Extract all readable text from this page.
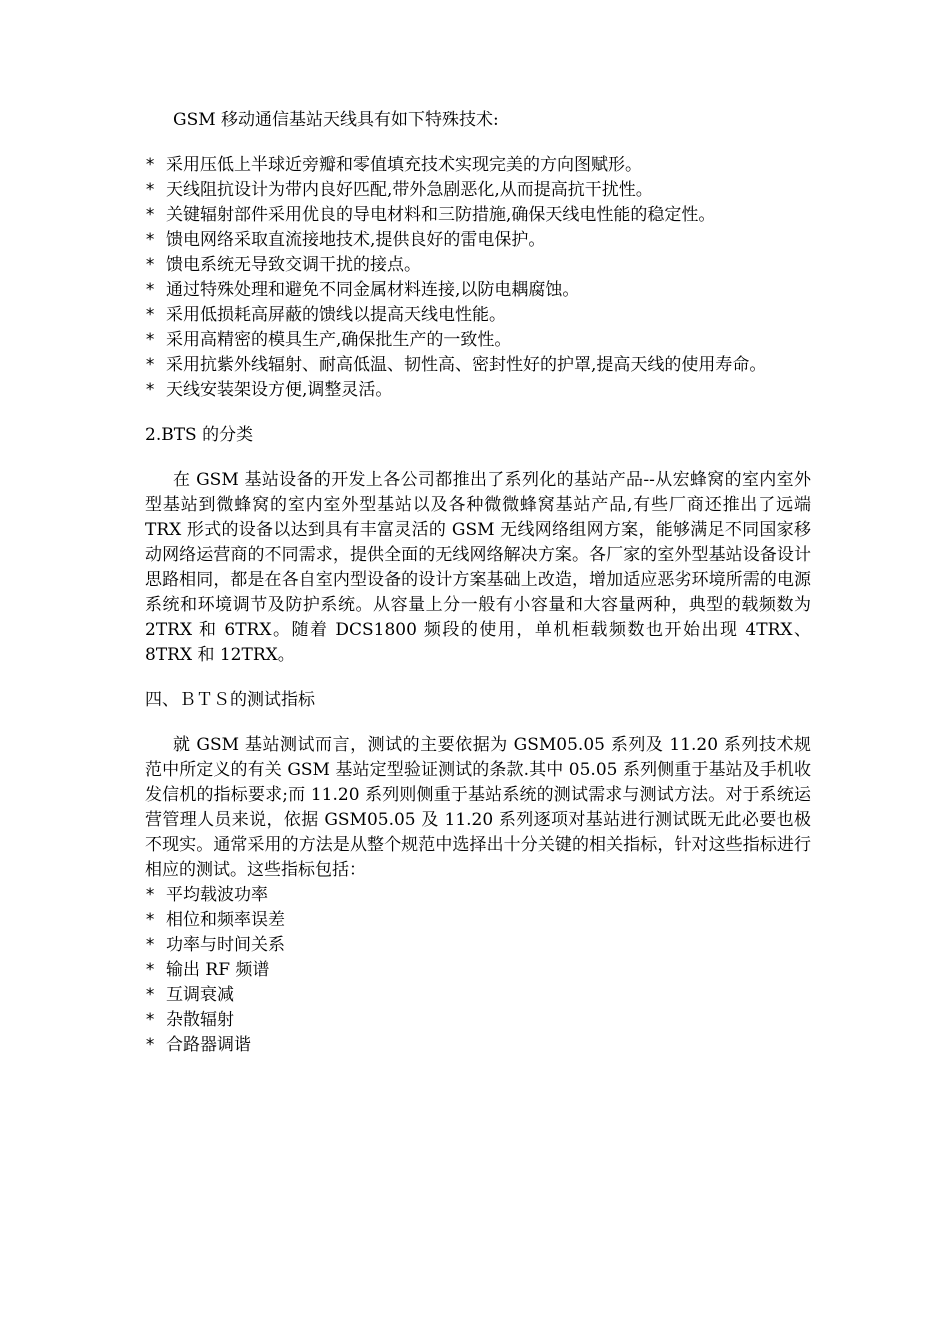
GSM 移动通信基站天线具有如下特殊技术:

* 采用压低上半球近旁瓣和零值填充技术实现完美的方向图赋形。
* 天线阻抗设计为带内良好匹配,带外急剧恶化,从而提高抗干扰性。
* 关键辐射部件采用优良的导电材料和三防措施,确保天线电性能的稳定性。
* 馈电网络采取直流接地技术,提供良好的雷电保护。
* 馈电系统无导致交调干扰的接点。
* 通过特殊处理和避免不同金属材料连接,以防电耦腐蚀。
* 采用低损耗高屏蔽的馈线以提高天线电性能。
* 采用高精密的模具生产,确保批生产的一致性。
* 采用抗紫外线辐射、耐高低温、韧性高、密封性好的护罩,提高天线的使用寿命。
* 天线安装架设方便,调整灵活。

2.BTS 的分类

在 GSM 基站设备的开发上各公司都推出了系列化的基站产品--从宏蜂窝的室内室外型基站到微蜂窝的室内室外型基站以及各种微微蜂窝基站产品,有些厂商还推出了远端 TRX 形式的设备以达到具有丰富灵活的 GSM 无线网络组网方案，能够满足不同国家移动网络运营商的不同需求，提供全面的无线网络解决方案。各厂家的室外型基站设备设计思路相同，都是在各自室内型设备的设计方案基础上改造，增加适应恶劣环境所需的电源系统和环境调节及防护系统。从容量上分一般有小容量和大容量两种，典型的载频数为 2TRX 和 6TRX。随着 DCS1800 频段的使用，单机柜载频数也开始出现 4TRX、8TRX 和 12TRX。

四、ＢＴＳ的测试指标

就 GSM 基站测试而言，测试的主要依据为 GSM05.05 系列及 11.20 系列技术规范中所定义的有关 GSM 基站定型验证测试的条款.其中 05.05 系列侧重于基站及手机收发信机的指标要求;而 11.20 系列则侧重于基站系统的测试需求与测试方法。对于系统运营管理人员来说，依据 GSM05.05 及 11.20 系列逐项对基站进行测试既无此必要也极不现实。通常采用的方法是从整个规范中选择出十分关键的相关指标，针对这些指标进行相应的测试。这些指标包括：

* 平均载波功率
* 相位和频率误差
* 功率与时间关系
* 输出 RF 频谱
* 互调衰减
* 杂散辐射
* 合路器调谐
